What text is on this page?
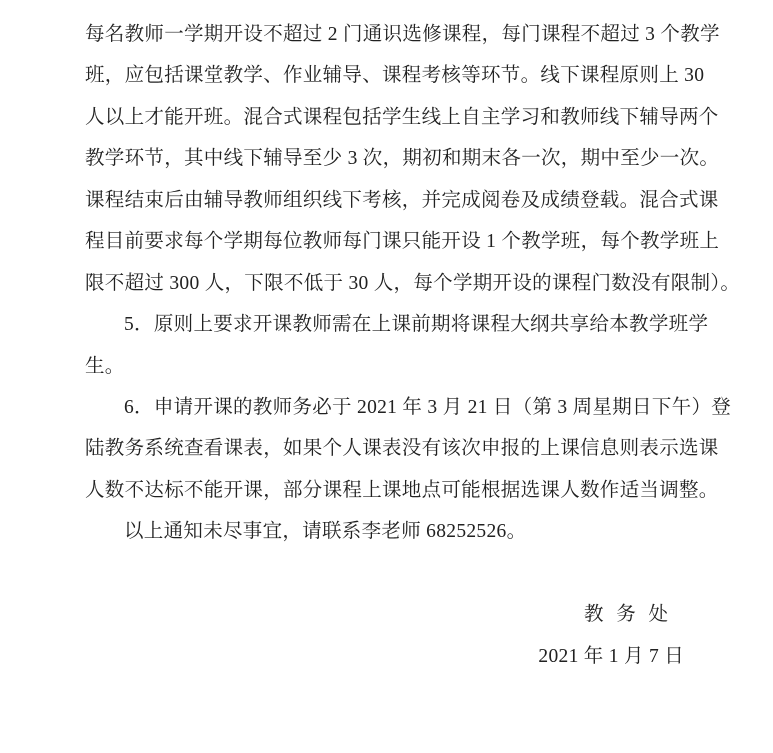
每名教师一学期开设不超过 2 门通识选修课程，每门课程不超过 3 个教学
班，应包括课堂教学、作业辅导、课程考核等环节。线下课程原则上 30
人以上才能开班。混合式课程包括学生线上自主学习和教师线下辅导两个
教学环节，其中线下辅导至少 3 次，期初和期末各一次，期中至少一次。
课程结束后由辅导教师组织线下考核，并完成阅卷及成绩登载。混合式课
程目前要求每个学期每位教师每门课只能开设 1 个教学班，每个教学班上
限不超过 300 人，下限不低于 30 人，每个学期开设的课程门数没有限制）。
5．原则上要求开课教师需在上课前期将课程大纲共享给本教学班学
生。
6．申请开课的教师务必于 2021 年 3 月 21 日（第 3 周星期日下午）登
陆教务系统查看课表，如果个人课表没有该次申报的上课信息则表示选课
人数不达标不能开课，部分课程上课地点可能根据选课人数作适当调整。
以上通知未尽事宜，请联系李老师 68252526。
教  务  处
2021 年 1 月 7 日
